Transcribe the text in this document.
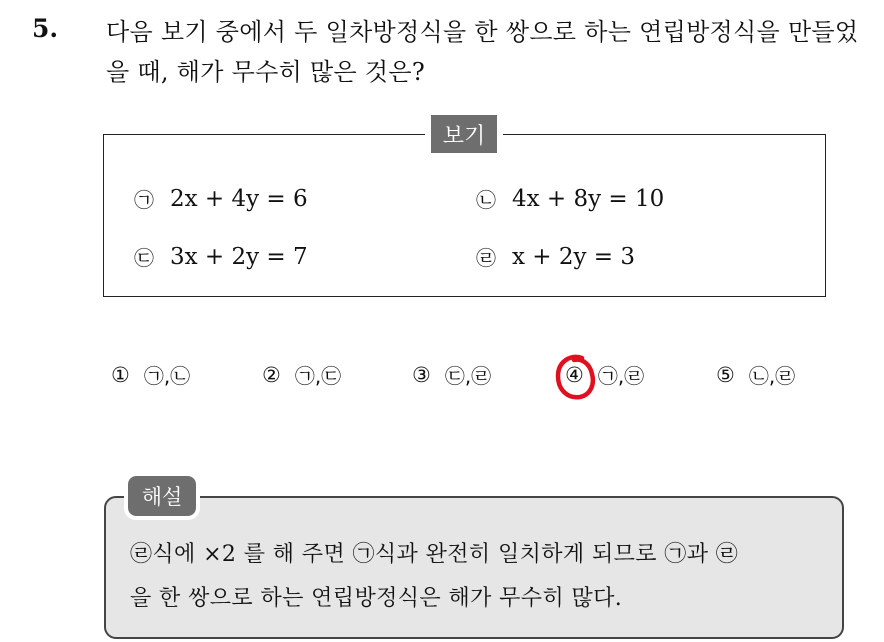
5. 다음 보기 중에서 두 일차방정식을 한 쌍으로 하는 연립방정식을 만들었을 때, 해가 무수히 많은 것은?
보기
㉠ 2x + 4y = 6	㉡ 4x + 8y = 10
㉢ 3x + 2y = 7	㉣ x + 2y = 3
① ㉠,㉡	② ㉠,㉢	③ ㉢,㉣	④ ㉠,㉣	⑤ ㉡,㉣
해설
㉣식에 ×2 를 해 주면 ㉠식과 완전히 일치하게 되므로 ㉠과 ㉣
을 한 쌍으로 하는 연립방정식은 해가 무수히 많다.
